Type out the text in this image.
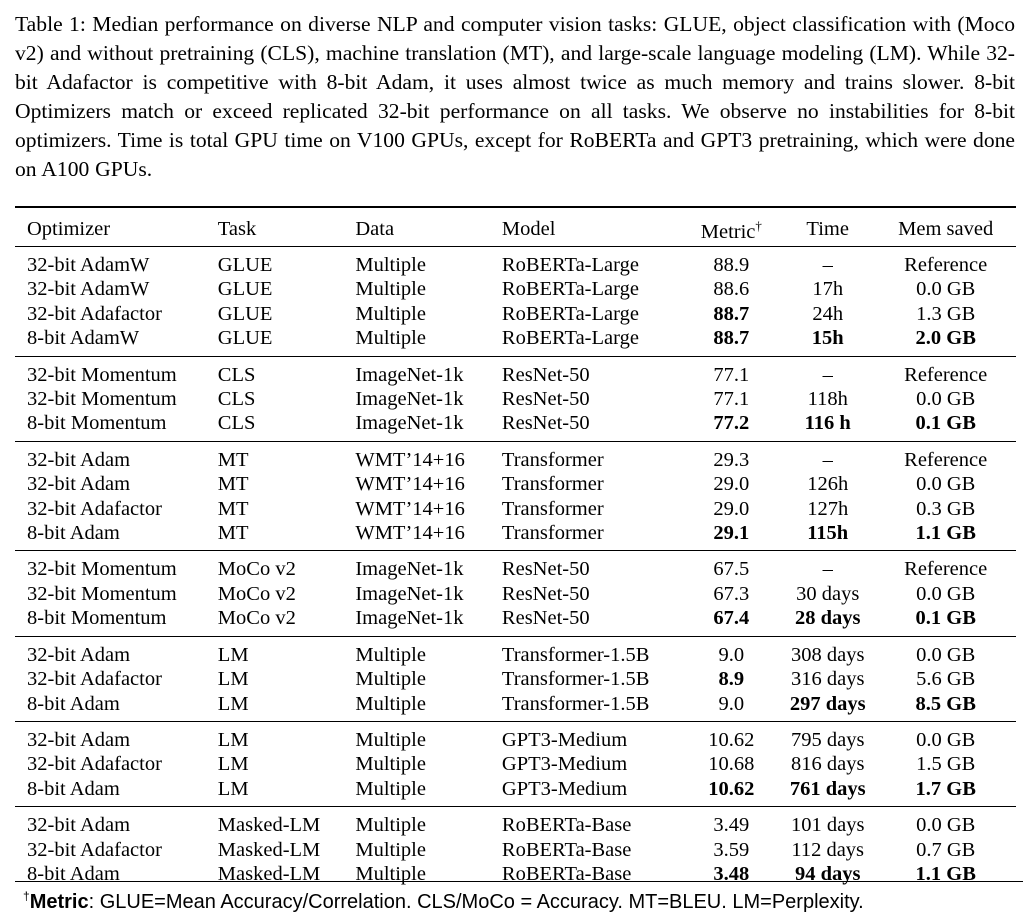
Table 1: Median performance on diverse NLP and computer vision tasks: GLUE, object classification with (Moco v2) and without pretraining (CLS), machine translation (MT), and large-scale language modeling (LM). While 32-bit Adafactor is competitive with 8-bit Adam, it uses almost twice as much memory and trains slower. 8-bit Optimizers match or exceed replicated 32-bit performance on all tasks. We observe no instabilities for 8-bit optimizers. Time is total GPU time on V100 GPUs, except for RoBERTa and GPT3 pretraining, which were done on A100 GPUs.
Optimizer	Task	Data	Model	Metric†	Time	Mem saved
32-bit AdamW	GLUE	Multiple	RoBERTa-Large	88.9	–	Reference
32-bit AdamW	GLUE	Multiple	RoBERTa-Large	88.6	17h	0.0 GB
32-bit Adafactor	GLUE	Multiple	RoBERTa-Large	88.7	24h	1.3 GB
8-bit AdamW	GLUE	Multiple	RoBERTa-Large	88.7	15h	2.0 GB
32-bit Momentum	CLS	ImageNet-1k	ResNet-50	77.1	–	Reference
32-bit Momentum	CLS	ImageNet-1k	ResNet-50	77.1	118h	0.0 GB
8-bit Momentum	CLS	ImageNet-1k	ResNet-50	77.2	116 h	0.1 GB
32-bit Adam	MT	WMT’14+16	Transformer	29.3	–	Reference
32-bit Adam	MT	WMT’14+16	Transformer	29.0	126h	0.0 GB
32-bit Adafactor	MT	WMT’14+16	Transformer	29.0	127h	0.3 GB
8-bit Adam	MT	WMT’14+16	Transformer	29.1	115h	1.1 GB
32-bit Momentum	MoCo v2	ImageNet-1k	ResNet-50	67.5	–	Reference
32-bit Momentum	MoCo v2	ImageNet-1k	ResNet-50	67.3	30 days	0.0 GB
8-bit Momentum	MoCo v2	ImageNet-1k	ResNet-50	67.4	28 days	0.1 GB
32-bit Adam	LM	Multiple	Transformer-1.5B	9.0	308 days	0.0 GB
32-bit Adafactor	LM	Multiple	Transformer-1.5B	8.9	316 days	5.6 GB
8-bit Adam	LM	Multiple	Transformer-1.5B	9.0	297 days	8.5 GB
32-bit Adam	LM	Multiple	GPT3-Medium	10.62	795 days	0.0 GB
32-bit Adafactor	LM	Multiple	GPT3-Medium	10.68	816 days	1.5 GB
8-bit Adam	LM	Multiple	GPT3-Medium	10.62	761 days	1.7 GB
32-bit Adam	Masked-LM	Multiple	RoBERTa-Base	3.49	101 days	0.0 GB
32-bit Adafactor	Masked-LM	Multiple	RoBERTa-Base	3.59	112 days	0.7 GB
8-bit Adam	Masked-LM	Multiple	RoBERTa-Base	3.48	94 days	1.1 GB
†Metric: GLUE=Mean Accuracy/Correlation. CLS/MoCo = Accuracy. MT=BLEU. LM=Perplexity.
